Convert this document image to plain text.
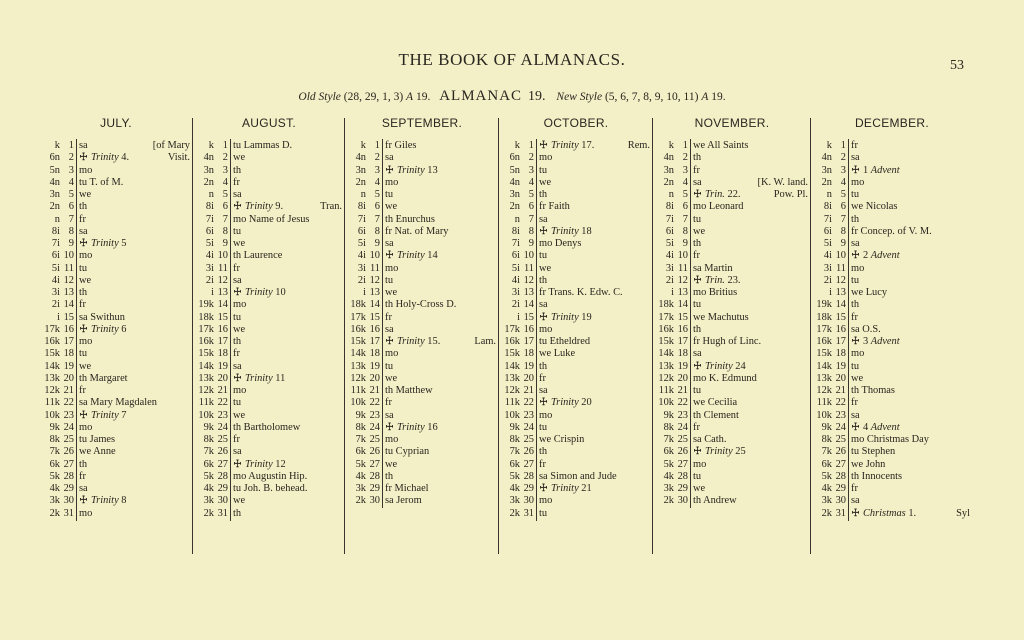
THE BOOK OF ALMANACS.	53
Old Style (28, 29, 1, 3) A 19. ALMANAC 19. New Style (5, 6, 7, 8, 9, 10, 11) A 19.
JULY.
k 1 sa	[of Mary
6n 2 ☩ Trinity 4.	Visit.
5n 3 mo
4n 4 tu T. of M.
3n 5 we
2n 6 th
n 7 fr
8i 8 sa
7i 9 ☩ Trinity 5
6i 10 mo
5i 11 tu
4i 12 we
3i 13 th
2i 14 fr
i 15 sa Swithun
17k 16 ☩ Trinity 6
16k 17 mo
15k 18 tu
14k 19 we
13k 20 th Margaret
12k 21 fr
11k 22 sa Mary Magdalen
10k 23 ☩ Trinity 7
9k 24 mo
8k 25 tu James
7k 26 we Anne
6k 27 th
5k 28 fr
4k 29 sa
3k 30 ☩ Trinity 8
2k 31 mo
AUGUST.
k 1 tu Lammas D.
4n 2 we
3n 3 th
2n 4 fr
n 5 sa
8i 6 ☩ Trinity 9.	Tran.
7i 7 mo Name of Jesus
6i 8 tu
5i 9 we
4i 10 th Laurence
3i 11 fr
2i 12 sa
i 13 ☩ Trinity 10
19k 14 mo
18k 15 tu
17k 16 we
16k 17 th
15k 18 fr
14k 19 sa
13k 20 ☩ Trinity 11
12k 21 mo
11k 22 tu
10k 23 we
9k 24 th Bartholomew
8k 25 fr
7k 26 sa
6k 27 ☩ Trinity 12
5k 28 mo Augustin Hip.
4k 29 tu Joh. B. behead.
3k 30 we
2k 31 th
SEPTEMBER.
k 1 fr Giles
4n 2 sa
3n 3 ☩ Trinity 13
2n 4 mo
n 5 tu
8i 6 we
7i 7 th Enurchus
6i 8 fr Nat. of Mary
5i 9 sa
4i 10 ☩ Trinity 14
3i 11 mo
2i 12 tu
i 13 we
18k 14 th Holy-Cross D.
17k 15 fr
16k 16 sa
15k 17 ☩ Trinity 15.	Lam.
14k 18 mo
13k 19 tu
12k 20 we
11k 21 th Matthew
10k 22 fr
9k 23 sa
8k 24 ☩ Trinity 16
7k 25 mo
6k 26 tu Cyprian
5k 27 we
4k 28 th
3k 29 fr Michael
2k 30 sa Jerom
OCTOBER.
k 1 ☩ Trinity 17.	Rem.
6n 2 mo
5n 3 tu
4n 4 we
3n 5 th
2n 6 fr Faith
n 7 sa
8i 8 ☩ Trinity 18
7i 9 mo Denys
6i 10 tu
5i 11 we
4i 12 th
3i 13 fr Trans. K. Edw. C.
2i 14 sa
i 15 ☩ Trinity 19
17k 16 mo
16k 17 tu Etheldred
15k 18 we Luke
14k 19 th
13k 20 fr
12k 21 sa
11k 22 ☩ Trinity 20
10k 23 mo
9k 24 tu
8k 25 we Crispin
7k 26 th
6k 27 fr
5k 28 sa Simon and Jude
4k 29 ☩ Trinity 21
3k 30 mo
2k 31 tu
NOVEMBER.
k 1 we All Saints
4n 2 th
3n 3 fr
2n 4 sa	[K. W. land.
n 5 ☩ Trin. 22.	Pow. Pl.
8i 6 mo Leonard
7i 7 tu
6i 8 we
5i 9 th
4i 10 fr
3i 11 sa Martin
2i 12 ☩ Trin. 23.
i 13 mo Britius
18k 14 tu
17k 15 we Machutus
16k 16 th
15k 17 fr Hugh of Linc.
14k 18 sa
13k 19 ☩ Trinity 24
12k 20 mo K. Edmund
11k 21 tu
10k 22 we Cecilia
9k 23 th Clement
8k 24 fr
7k 25 sa Cath.
6k 26 ☩ Trinity 25
5k 27 mo
4k 28 tu
3k 29 we
2k 30 th Andrew
DECEMBER.
k 1 fr
4n 2 sa
3n 3 ☩ 1 Advent
2n 4 mo
n 5 tu
8i 6 we Nicolas
7i 7 th
6i 8 fr Concep. of V. M.
5i 9 sa
4i 10 ☩ 2 Advent
3i 11 mo
2i 12 tu
i 13 we Lucy
19k 14 th
18k 15 fr
17k 16 sa O.S.
16k 17 ☩ 3 Advent
15k 18 mo
14k 19 tu
13k 20 we
12k 21 th Thomas
11k 22 fr
10k 23 sa
9k 24 ☩ 4 Advent
8k 25 mo Christmas Day
7k 26 tu Stephen
6k 27 we John
5k 28 th Innocents
4k 29 fr
3k 30 sa
2k 31 ☩ Christmas 1.	Syl
